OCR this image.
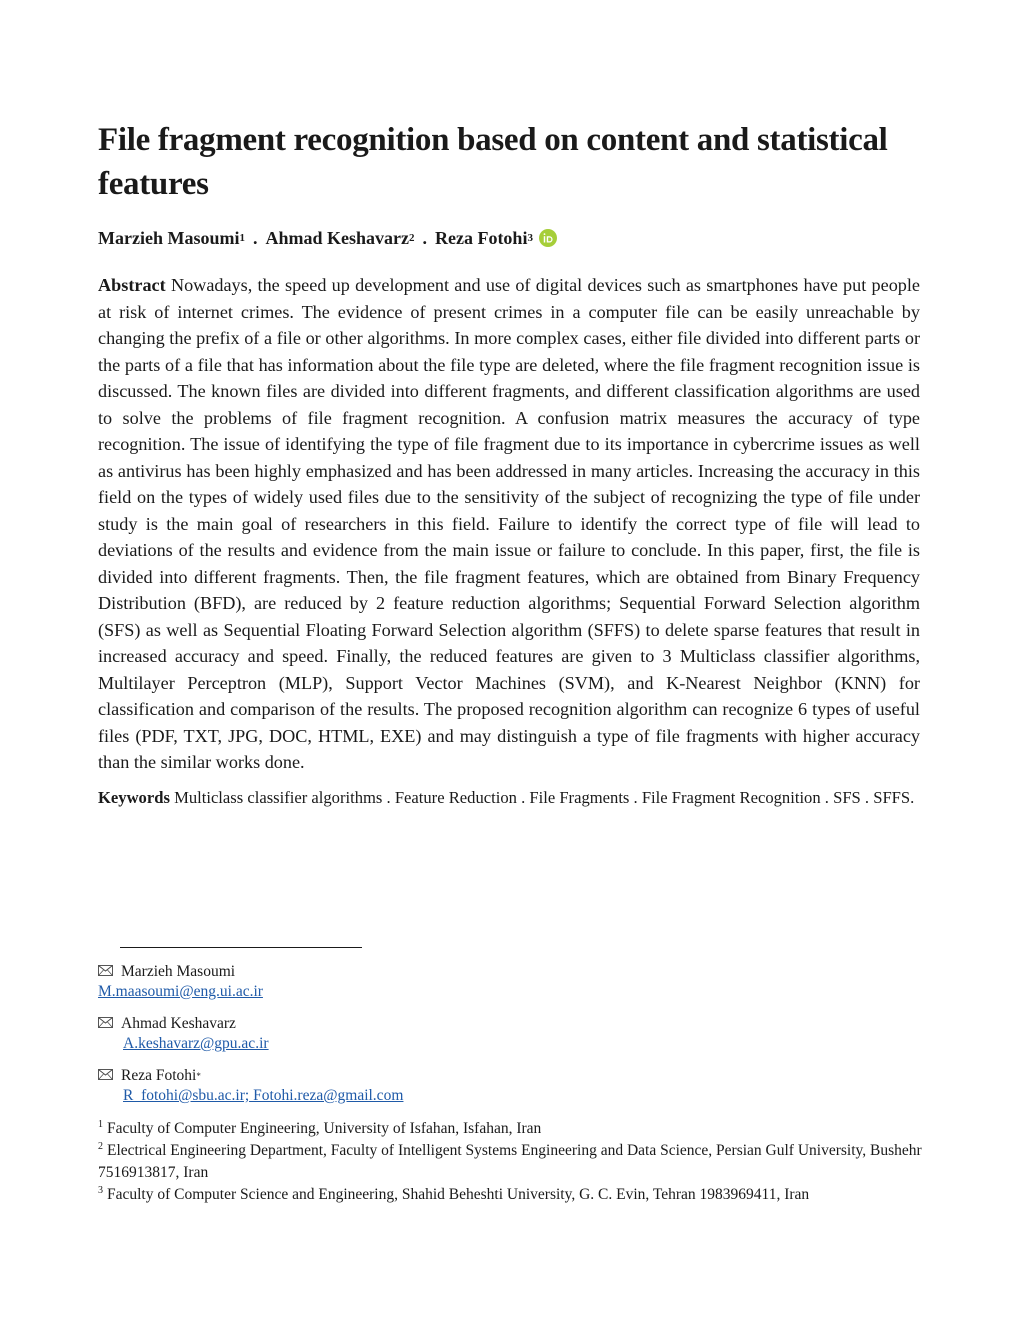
File fragment recognition based on content and statistical features
Marzieh Masoumi 1 . Ahmad Keshavarz 2 . Reza Fotohi 3
Abstract Nowadays, the speed up development and use of digital devices such as smartphones have put people at risk of internet crimes. The evidence of present crimes in a computer file can be easily unreachable by changing the prefix of a file or other algorithms. In more complex cases, either file divided into different parts or the parts of a file that has information about the file type are deleted, where the file fragment recognition issue is discussed. The known files are divided into different fragments, and different classification algorithms are used to solve the problems of file fragment recognition. A confusion matrix measures the accuracy of type recognition. The issue of identifying the type of file fragment due to its importance in cybercrime issues as well as antivirus has been highly emphasized and has been addressed in many articles. Increasing the accuracy in this field on the types of widely used files due to the sensitivity of the subject of recognizing the type of file under study is the main goal of researchers in this field. Failure to identify the correct type of file will lead to deviations of the results and evidence from the main issue or failure to conclude. In this paper, first, the file is divided into different fragments. Then, the file fragment features, which are obtained from Binary Frequency Distribution (BFD), are reduced by 2 feature reduction algorithms; Sequential Forward Selection algorithm (SFS) as well as Sequential Floating Forward Selection algorithm (SFFS) to delete sparse features that result in increased accuracy and speed. Finally, the reduced features are given to 3 Multiclass classifier algorithms, Multilayer Perceptron (MLP), Support Vector Machines (SVM), and K-Nearest Neighbor (KNN) for classification and comparison of the results. The proposed recognition algorithm can recognize 6 types of useful files (PDF, TXT, JPG, DOC, HTML, EXE) and may distinguish a type of file fragments with higher accuracy than the similar works done.
Keywords Multiclass classifier algorithms . Feature Reduction . File Fragments . File Fragment Recognition . SFS . SFFS.
Marzieh Masoumi
M.maasoumi@eng.ui.ac.ir
Ahmad Keshavarz
A.keshavarz@gpu.ac.ir
Reza Fotohi *
R_fotohi@sbu.ac.ir; Fotohi.reza@gmail.com
$^1$ Faculty of Computer Engineering, University of Isfahan, Isfahan, Iran
$^2$ Electrical Engineering Department, Faculty of Intelligent Systems Engineering and Data Science, Persian Gulf University, Bushehr 7516913817, Iran
$^3$ Faculty of Computer Science and Engineering, Shahid Beheshti University, G. C. Evin, Tehran 1983969411, Iran
